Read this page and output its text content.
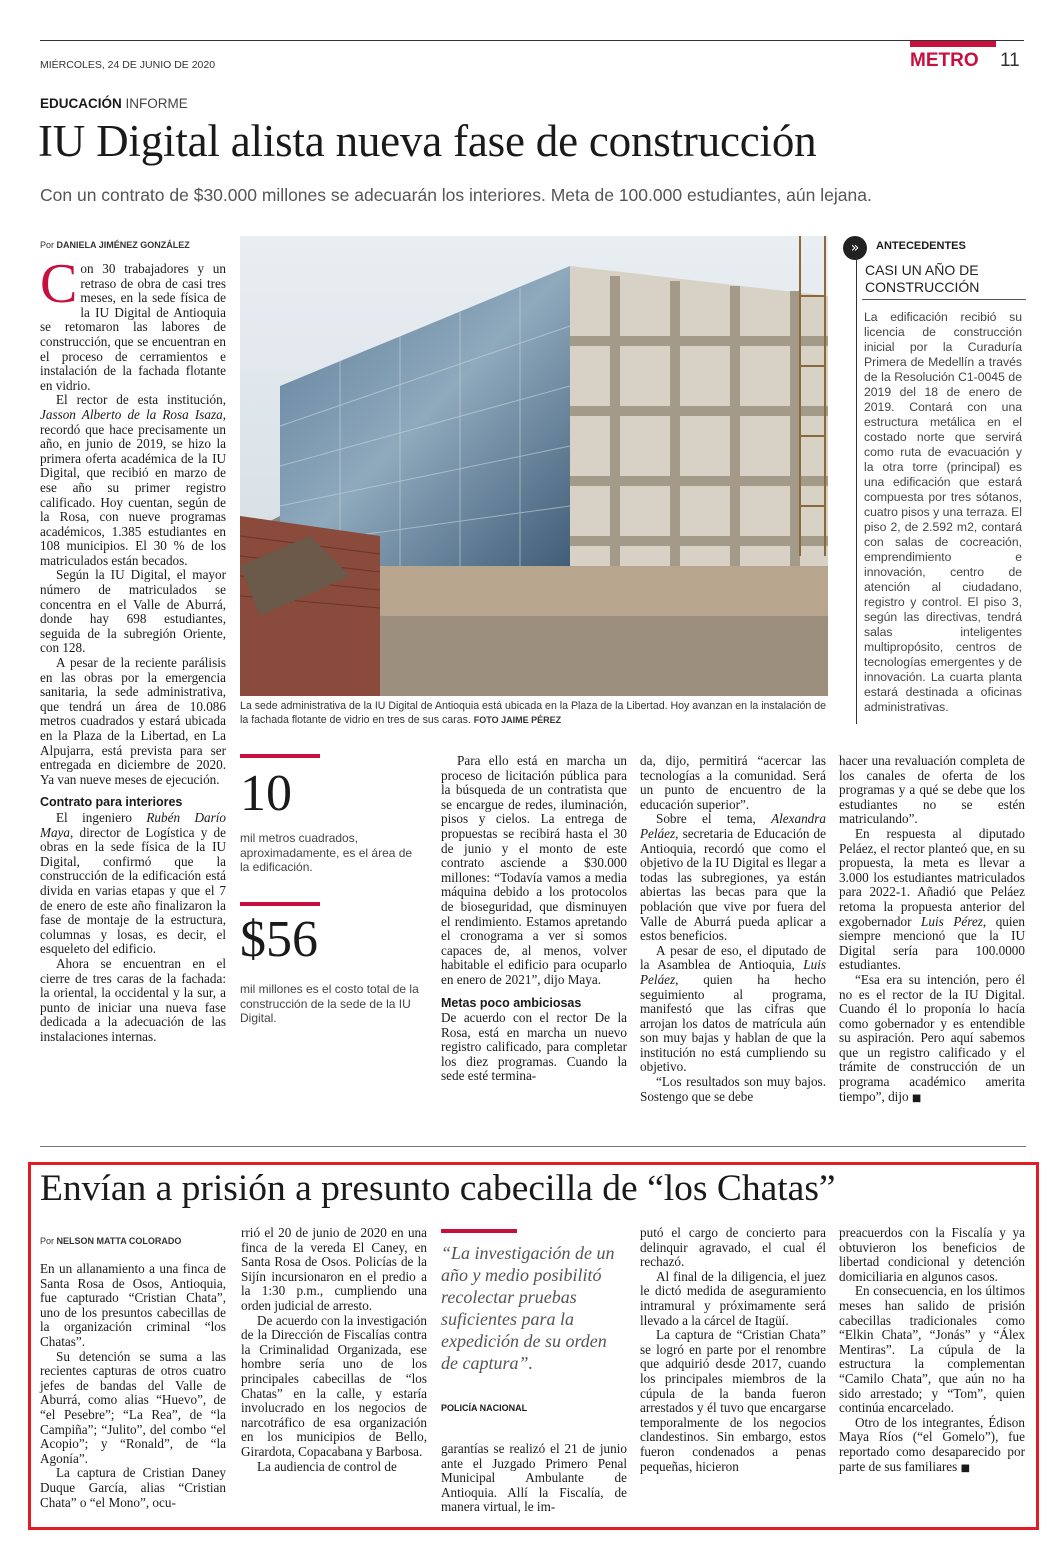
MIÉRCOLES, 24 DE JUNIO DE 2020	METRO 11
EDUCACIÓN INFORME
IU Digital alista nueva fase de construcción
Con un contrato de $30.000 millones se adecuarán los interiores. Meta de 100.000 estudiantes, aún lejana.
Por DANIELA JIMÉNEZ GONZÁLEZ

Con 30 trabajadores y un retraso de obra de casi tres meses, en la sede física de la IU Digital de Antioquia se retomaron las labores de construcción, que se encuentran en el proceso de cerramientos e instalación de la fachada flotante en vidrio.

El rector de esta institución, Jasson Alberto de la Rosa Isaza, recordó que hace precisamente un año, en junio de 2019, se hizo la primera oferta académica de la IU Digital, que recibió en marzo de ese año su primer registro calificado. Hoy cuentan, según de la Rosa, con nueve programas académicos, 1.385 estudiantes en 108 municipios. El 30 % de los matriculados están becados.

Según la IU Digital, el mayor número de matriculados se concentra en el Valle de Aburrá, donde hay 698 estudiantes, seguida de la subregión Oriente, con 128.

A pesar de la reciente parálisis en las obras por la emergencia sanitaria, la sede administrativa, que tendrá un área de 10.086 metros cuadrados y estará ubicada en la Plaza de la Libertad, en La Alpujarra, está prevista para ser entregada en diciembre de 2020. Ya van nueve meses de ejecución.

Contrato para interiores

El ingeniero Rubén Darío Maya, director de Logística y de obras en la sede física de la IU Digital, confirmó que la construcción de la edificación está divida en varias etapas y que el 7 de enero de este año finalizaron la fase de montaje de la estructura, columnas y losas, es decir, el esqueleto del edificio.

Ahora se encuentran en el cierre de tres caras de la fachada: la oriental, la occidental y la sur, a punto de iniciar una nueva fase dedicada a la adecuación de las instalaciones internas.

La sede administrativa de la IU Digital de Antioquia está ubicada en la Plaza de la Libertad. Hoy avanzan en la instalación de la fachada flotante de vidrio en tres de sus caras. FOTO JAIME PÉREZ
»	ANTECEDENTES
CASI UN AÑO DE CONSTRUCCIÓN
La edificación recibió su licencia de construcción inicial por la Curaduría Primera de Medellín a través de la Resolución C1-0045 de 2019 del 18 de enero de 2019. Contará con una estructura metálica en el costado norte que servirá como ruta de evacuación y la otra torre (principal) es una edificación que estará compuesta por tres sótanos, cuatro pisos y una terraza. El piso 2, de 2.592 m2, contará con salas de cocreación, emprendimiento e innovación, centro de atención al ciudadano, registro y control. El piso 3, según las directivas, tendrá salas inteligentes multipropósito, centros de tecnologías emergentes y de innovación. La cuarta planta estará destinada a oficinas administrativas.
10
mil metros cuadrados, aproximadamente, es el área de la edificación.
$56
mil millones es el costo total de la construcción de la sede de la IU Digital.

Para ello está en marcha un proceso de licitación pública para la búsqueda de un contratista que se encargue de redes, iluminación, pisos y cielos. La entrega de propuestas se recibirá hasta el 30 de junio y el monto de este contrato asciende a $30.000 millones: “Todavía vamos a media máquina debido a los protocolos de bioseguridad, que disminuyen el rendimiento. Estamos apretando el cronograma a ver si somos capaces de, al menos, volver habitable el edificio para ocuparlo en enero de 2021”, dijo Maya.

Metas poco ambiciosas

De acuerdo con el rector De la Rosa, está en marcha un nuevo registro calificado, para completar los diez programas. Cuando la sede esté termina-

da, dijo, permitirá “acercar las tecnologías a la comunidad. Será un punto de encuentro de la educación superior”.

Sobre el tema, Alexandra Peláez, secretaria de Educación de Antioquia, recordó que como el objetivo de la IU Digital es llegar a todas las subregiones, ya están abiertas las becas para que la población que vive por fuera del Valle de Aburrá pueda aplicar a estos beneficios.

A pesar de eso, el diputado de la Asamblea de Antioquia, Luis Peláez, quien ha hecho seguimiento al programa, manifestó que las cifras que arrojan los datos de matrícula aún son muy bajas y hablan de que la institución no está cumpliendo su objetivo.

“Los resultados son muy bajos. Sostengo que se debe

hacer una revaluación completa de los canales de oferta de los programas y a qué se debe que los estudiantes no se estén matriculando”.

En respuesta al diputado Peláez, el rector planteó que, en su propuesta, la meta es llevar a 3.000 los estudiantes matriculados para 2022-1. Añadió que Peláez retoma la propuesta anterior del exgobernador Luis Pérez, quien siempre mencionó que la IU Digital sería para 100.0000 estudiantes.

“Esa era su intención, pero él no es el rector de la IU Digital. Cuando él lo proponía lo hacía como gobernador y es entendible su aspiración. Pero aquí sabemos que un registro calificado y el trámite de construcción de un programa académico amerita tiempo”, dijo ■

Envían a prisión a presunto cabecilla de “los Chatas”
Por NELSON MATTA COLORADO

En un allanamiento a una finca de Santa Rosa de Osos, Antioquia, fue capturado “Cristian Chata”, uno de los presuntos cabecillas de la organización criminal “los Chatas”.

Su detención se suma a las recientes capturas de otros cuatro jefes de bandas del Valle de Aburrá, como alias “Huevo”, de “el Pesebre”; “La Rea”, de “la Campiña”; “Julito”, del combo “el Acopio”; y “Ronald”, de “la Agonía”.

La captura de Cristian Daney Duque García, alias “Cristian Chata” o “el Mono”, ocu-

rrió el 20 de junio de 2020 en una finca de la vereda El Caney, en Santa Rosa de Osos. Policías de la Sijín incursionaron en el predio a la 1:30 p.m., cumpliendo una orden judicial de arresto.

De acuerdo con la investigación de la Dirección de Fiscalías contra la Criminalidad Organizada, ese hombre sería uno de los principales cabecillas de “los Chatas” en la calle, y estaría involucrado en los negocios de narcotráfico de esa organización en los municipios de Bello, Girardota, Copacabana y Barbosa.

La audiencia de control de

“La investigación de un año y medio posibilitó recolectar pruebas suficientes para la expedición de su orden de captura”.
POLICÍA NACIONAL

garantías se realizó el 21 de junio ante el Juzgado Primero Penal Municipal Ambulante de Antioquia. Allí la Fiscalía, de manera virtual, le im-

putó el cargo de concierto para delinquir agravado, el cual él rechazó.

Al final de la diligencia, el juez le dictó medida de aseguramiento intramural y próximamente será llevado a la cárcel de Itagüí.

La captura de “Cristian Chata” se logró en parte por el renombre que adquirió desde 2017, cuando los principales miembros de la cúpula de la banda fueron arrestados y él tuvo que encargarse temporalmente de los negocios clandestinos. Sin embargo, estos fueron condenados a penas pequeñas, hicieron

preacuerdos con la Fiscalía y ya obtuvieron los beneficios de libertad condicional y detención domiciliaria en algunos casos.

En consecuencia, en los últimos meses han salido de prisión cabecillas tradicionales como “Elkin Chata”, “Jonás” y “Álex Mentiras”. La cúpula de la estructura la complementan “Camilo Chata”, que aún no ha sido arrestado; y “Tom”, quien continúa encarcelado.

Otro de los integrantes, Édison Maya Ríos (“el Gomelo”), fue reportado como desaparecido por parte de sus familiares ■
